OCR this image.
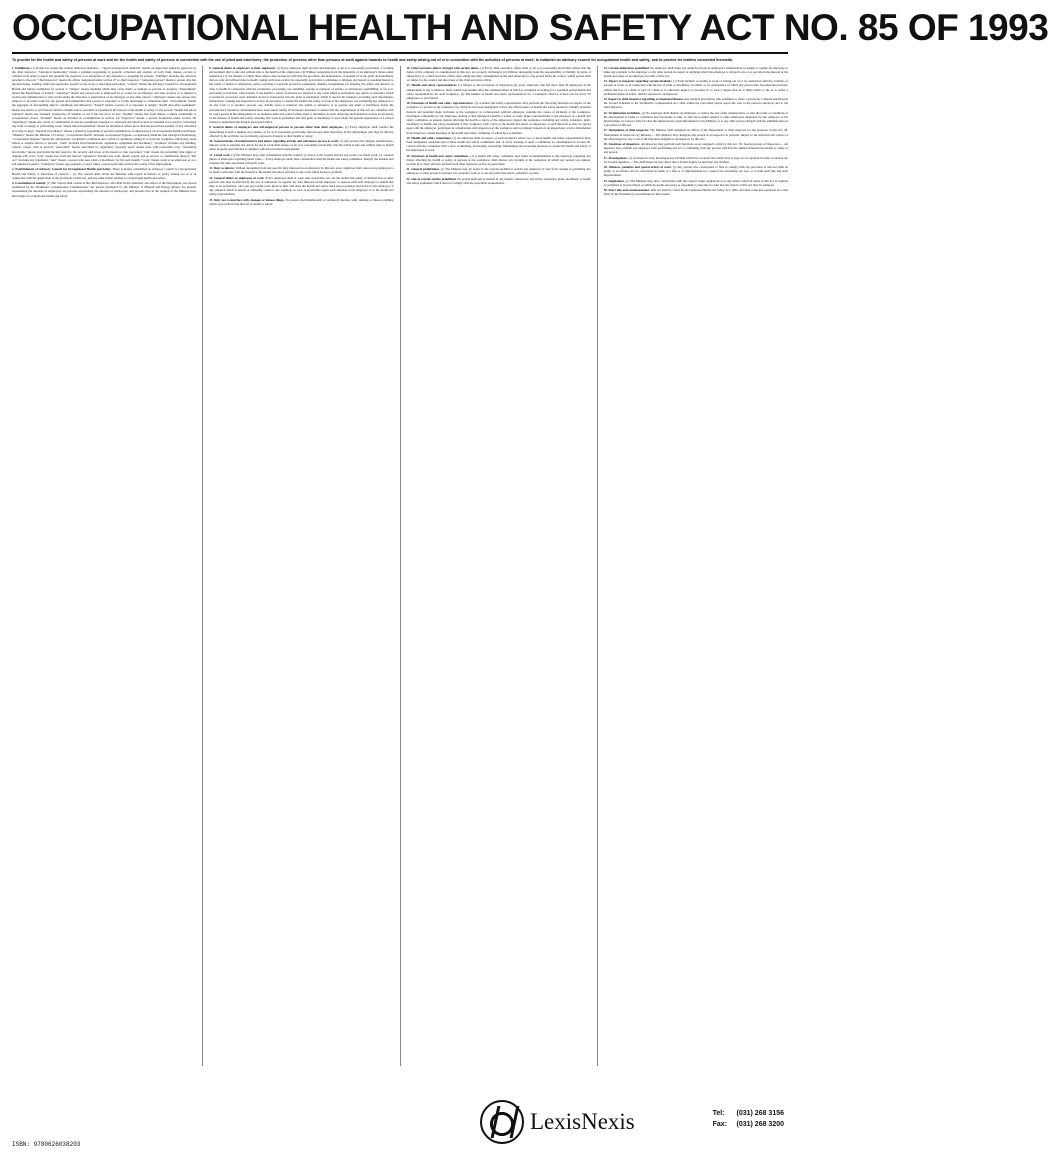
OCCUPATIONAL HEALTH AND SAFETY ACT NO. 85 OF 1993
To provide for the health and safety of persons at work and for the health and safety of persons in connection with the use of plant and machinery; the protection of persons other than persons at work against hazards to health and safety arising out of or in connection with the activities of persons at work; to establish an advisory council for occupational health and safety; and to provide for matters connected therewith.

1. Definitions. (1) In this Act, unless the context otherwise indicates— "approved inspection authority" means an inspection authority approved by the chief inspector; "biological monitoring" means a planned programme of periodic collection and analysis of body fluid, tissues, excreta or exhaled air in order to detect and quantify the exposure to or absorption of any substance or organism by persons; "building" includes any structure attached to the soil; "chief inspector" means the officer designated under section 27 as chief inspector; "competent person" means a person who has the knowledge, training, skills and experience specific to the work or task being performed; "council" means the Advisory Council for Occupational Health and Safety established by section 2; "danger" means anything which may cause injury or damage to persons or property; "Department" means the Department of Labour; "employee" means any person who is employed by or works for an employer and who receives or is entitled to receive any remuneration or who works under the direction or supervision of an employer or any other person; "employer" means any person who employs or provides work for any person and remunerates that person or expressly or tacitly undertakes to remunerate him; "environment" means the aggregate of surrounding objects, conditions and influences; "hazard" means a source of or exposure to danger; "health and safety equipment" means any article or part thereof which is manufactured, provided or installed in the interest of the health or safety of any person; "health and safety standard" means any standard, irrespective of whether or not it has the force of law; "healthy" means free from illness or injury attributable to occupational causes; "incident" means an incident as contemplated in section 24; "inspector" means a person designated under section 28; "machinery" means any article or combination of articles assembled, arranged or connected and which is used or intended to be used for converting any form of energy to performing work; "major hazard installation" means an installation where more than the prescribed quantity of any substance is or may be kept; "medical surveillance" means a planned programme of periodic examination of employees by an occupational health practitioner; "Minister" means the Minister of Labour; "occupational health" includes occupational hygiene, occupational medicine and biological monitoring; "occupational hygiene" means the anticipation, recognition, evaluation and control of conditions arising in or from the workplace which may cause illness or adverse effects to persons; "plant" includes fixed installations, appliances, equipment and machinery; "premises" includes any building, vehicle, vessel, train or aircraft; "prescribed" means prescribed by regulation; "properly used" means used with reasonable care; "reasonably practicable" means practicable having regard to the severity and scope of the hazard or risk concerned; "risk" means the probability that injury or damage will occur; "safe" means free from any hazard; "substance" includes any solid, liquid, vapour, gas or aerosol, or combination thereof; "this Act" includes any regulation; "user" means a person who uses plant or machinery for his own benefit; "work" means work as an employee or as a self-employed person; "workplace" means any premises or place where a person performs work in the course of his employment.

2. Establishment of Advisory Council for Occupational Health and Safety. There is hereby established an Advisory Council for Occupational Health and Safety. 3. Functions of council.— (1) The council shall advise the Minister with regard to matters of policy arising out of or in connection with the application of the provisions of this Act, and any other matter relating to occupational health and safety.

4. Constitution of council. (1) The council shall consist of the chief inspector, who shall be the chairman; one officer of the Department; one person nominated by the Workmen's Compensation Commissioner; one person nominated by the Minister of Mineral and Energy Affairs; six persons representing the interests of employers; six persons representing the interests of employees; and persons who in the opinion of the Minister have knowledge of occupational health and safety.

8. General duties of employers to their employees. (1) Every employer shall provide and maintain, as far as is reasonably practicable, a working environment that is safe and without risk to the health of his employees. (2) Without derogating from the generality of an employer's duties under subsection (1), the matters to which those duties refer include in particular the provision and maintenance of systems of work, plant and machinery that are safe and without risks to health; taking such steps as may be reasonably practicable to eliminate or mitigate any hazard or potential hazard to the safety or health of employees, before resorting to personal protective equipment; making arrangements for ensuring the safety and absence of risks to health in connection with the production, processing, use, handling, storage or transport of articles or substances; establishing, as far as is reasonably practicable, what hazards to the health or safety of persons are attached to any work which is performed, any article or substance which is produced, processed, used, handled, stored or transported and any plant or machinery which is used in his business; providing such information, instructions, training and supervision as may be necessary to ensure the health and safety at work of his employees; not permitting any employee to do any work or to produce, process, use, handle, store or transport any article or substance or to operate any plant or machinery unless the precautionary measures contemplated have been taken; taking all necessary measures to ensure that the requirements of this Act are complied with by every person in his employment or on premises under his control where plant or machinery is used; enforcing such measures as may be necessary in the interest of health and safety; ensuring that work is performed and that plant or machinery is used under the general supervision of a person trained to understand the hazards associated with it.

9. General duties of employers and self-employed persons to persons other than their employees. (1) Every employer shall conduct his undertaking in such a manner as to ensure, as far as is reasonably practicable, that persons other than those in his employment who may be directly affected by his activities are not thereby exposed to hazards to their health or safety.

10. General duties of manufacturers and others regarding articles and substances for use at work. (1) Any person who designs, manufactures, imports, sells or supplies any article for use at work shall ensure, as far as is reasonably practicable, that the article is safe and without risks to health when properly used and that it complies with all prescribed requirements.

11. Listed work. (1) The Minister may, after consultation with the council, by notice in the Gazette declare any work to be listed work. 12. General duties of employers regarding listed work.— Every employer shall, after consultation with the health and safety committee, identify the hazards and evaluate the risks associated with such work.

13. Duty to inform. Without derogating from any specific duty imposed on an employer by this Act, every employer shall cause every employee to be made conversant with the hazards to his health and safety attached to any work which he has to perform.

14. General duties of employees at work. Every employee shall at work take reasonable care for the health and safety of himself and of other persons who may be affected by his acts or omissions; as regards any duty imposed on his employer, co-operate with such employer to enable that duty to be performed; carry out any lawful order given to him, and obey the health and safety rules and procedures laid down by his employer; if any situation which is unsafe or unhealthy comes to his attention, as soon as practicable report such situation to his employer or to the health and safety representative.

15. Duty not to interfere with, damage or misuse things. No person shall intentionally or recklessly interfere with, damage or misuse anything which is provided in the interest of health or safety.

16. Chief executive officer charged with certain duties. (1) Every chief executive officer shall as far as is reasonably practicable ensure that the duties of his company as contemplated in this Act, are properly discharged. (2) Without derogating from his responsibility or liability in terms of subsection (1), a chief executive officer may assign any duty contemplated in the said subsection to any person under his control, which person shall act subject to the control and directions of the chief executive officer.

17. Health and safety representatives. (1) Subject to the provisions of subsection (2), every employer who has more than 20 employees in his employment at any workplace, shall, within four months after the commencement of this Act, designate in writing for a specified period health and safety representatives for such workplace. (2) The number of health and safety representatives for a workplace shall be at least one for every 50 employees or part thereof.

18. Functions of health and safety representatives. (1) A health and safety representative may perform the following functions in respect of the workplace or section of the workplace for which he has been designated: review the effectiveness of health and safety measures; identify potential hazards and potential major incidents at the workplace; in collaboration with his employer, examine the causes of incidents at the workplace; investigate complaints by any employee relating to that employee's health or safety at work; make representations to the employer or a health and safety committee on general matters affecting the health or safety of the employees; inspect the workplace, including any article, substance, plant, machinery or health and safety equipment at that workplace with a view to the health and safety of employees, at such intervals as may be agreed upon with the employer; participate in consultations with inspectors at the workplace and accompany inspectors on inspections; receive information from inspectors; attend meetings of the health and safety committee of which he is a member.

19. Health and safety committees. (1) An employer shall in respect of each workplace where two or more health and safety representatives have been designated, establish one or more health and safety committees and, at every meeting of such a committee as contemplated in section 20, consult with the committee with a view to initiating, developing, promoting, maintaining and reviewing measures to ensure the health and safety of his employees at work.

20. Functions of health and safety committees. (1) A health and safety committee may make recommendations to the employer regarding any matter affecting the health or safety of persons at the workplace; shall discuss any incident at the workplace in which any person was injured, became ill or died; and may perform such other functions as may be prescribed.

21. General prohibitions. (1) The Minister may by notice in the Gazette prohibit or restrict any employer or user from causing or permitting any employee or other person to perform any particular work or to use any particular article, substance or plant.

22. Sale of certain articles prohibited. No person shall sell or market in any manner whatsoever any article, substance, plant, machinery or health and safety equipment which does not comply with the prescribed requirements.

23. Certain deductions prohibited. No employer shall make any deduction from an employee's remuneration or permit or require an employee to make any payment to the employer or any other person in respect of anything which the employer is obliged to do or to provide in the interest of the health and safety of an employee in terms of this Act.

24. Report to inspector regarding certain incidents. (1) Each incident occurring at work or arising out of or in connection with the activities of persons at work, or in connection with the use of plant or machinery, in which, or in consequence of which any person dies, becomes unconscious, suffers the loss of a limb or part of a limb or is otherwise injured or becomes ill to such a degree that he is likely either to die or to suffer a permanent physical defect, shall be reported to an inspector.

25. Report to chief inspector regarding occupational disease. Any medical practitioner who examines or treats a person for a disease described in the Second Schedule to the Workmen's Compensation Act, shall within the prescribed period report the case to the person's employer and to the chief inspector.

26. Victimization forbidden. (1) No employer shall dismiss an employee, or reduce the rate of his remuneration, or alter the terms or conditions of his employment to terms or conditions less favourable to him, or alter his position relative to other employees employed by that employer to his disadvantage, by reason of the fact that the employee has given information to the Minister or to any other person charged with the administration of a provision of this Act.

27. Designation of chief inspector. The Minister shall designate an officer of the Department as chief inspector for the purposes of this Act. 28. Designation of inspectors by Minister.— The Minister may designate any person as an inspector to perform, subject to the direction and control of the chief inspector, any or all of the functions assigned to an inspector by this Act.

29. Functions of inspectors. An inspector may perform such functions as are assigned to him by this Act. 30. Special powers of inspectors.— An inspector may prohibit any employer from performing any act or continuing with any process which in his opinion threatens the health or safety of any person.

31. Investigations. (1) An inspector may investigate any incident which has occurred and which may or may not be reported in terms of section 24. 32. Formal inquiries.— The chief inspector may direct that a formal inquiry be held into any incident.

38. Offences, penalties and special orders of court. (1) Any person who contravenes or fails to comply with any provision of this Act shall be guilty of an offence and on conviction be liable to a fine or to imprisonment for a period not exceeding one year or to both such fine and such imprisonment.

43. Regulations. (1) The Minister may, after consultation with the council, make regulations as to any matter which in terms of this Act is required or permitted to be prescribed, or which he deems necessary or expedient to prescribe in order that the objects of this Act may be achieved.

50. Short title and commencement. This Act shall be called the Occupational Health and Safety Act, 1993, and shall come into operation on a date fixed by the President by proclamation in the Gazette.

ISBN: 9780626038203
LexisNexis	Tel: (031) 268 3156
Fax: (031) 268 3200
